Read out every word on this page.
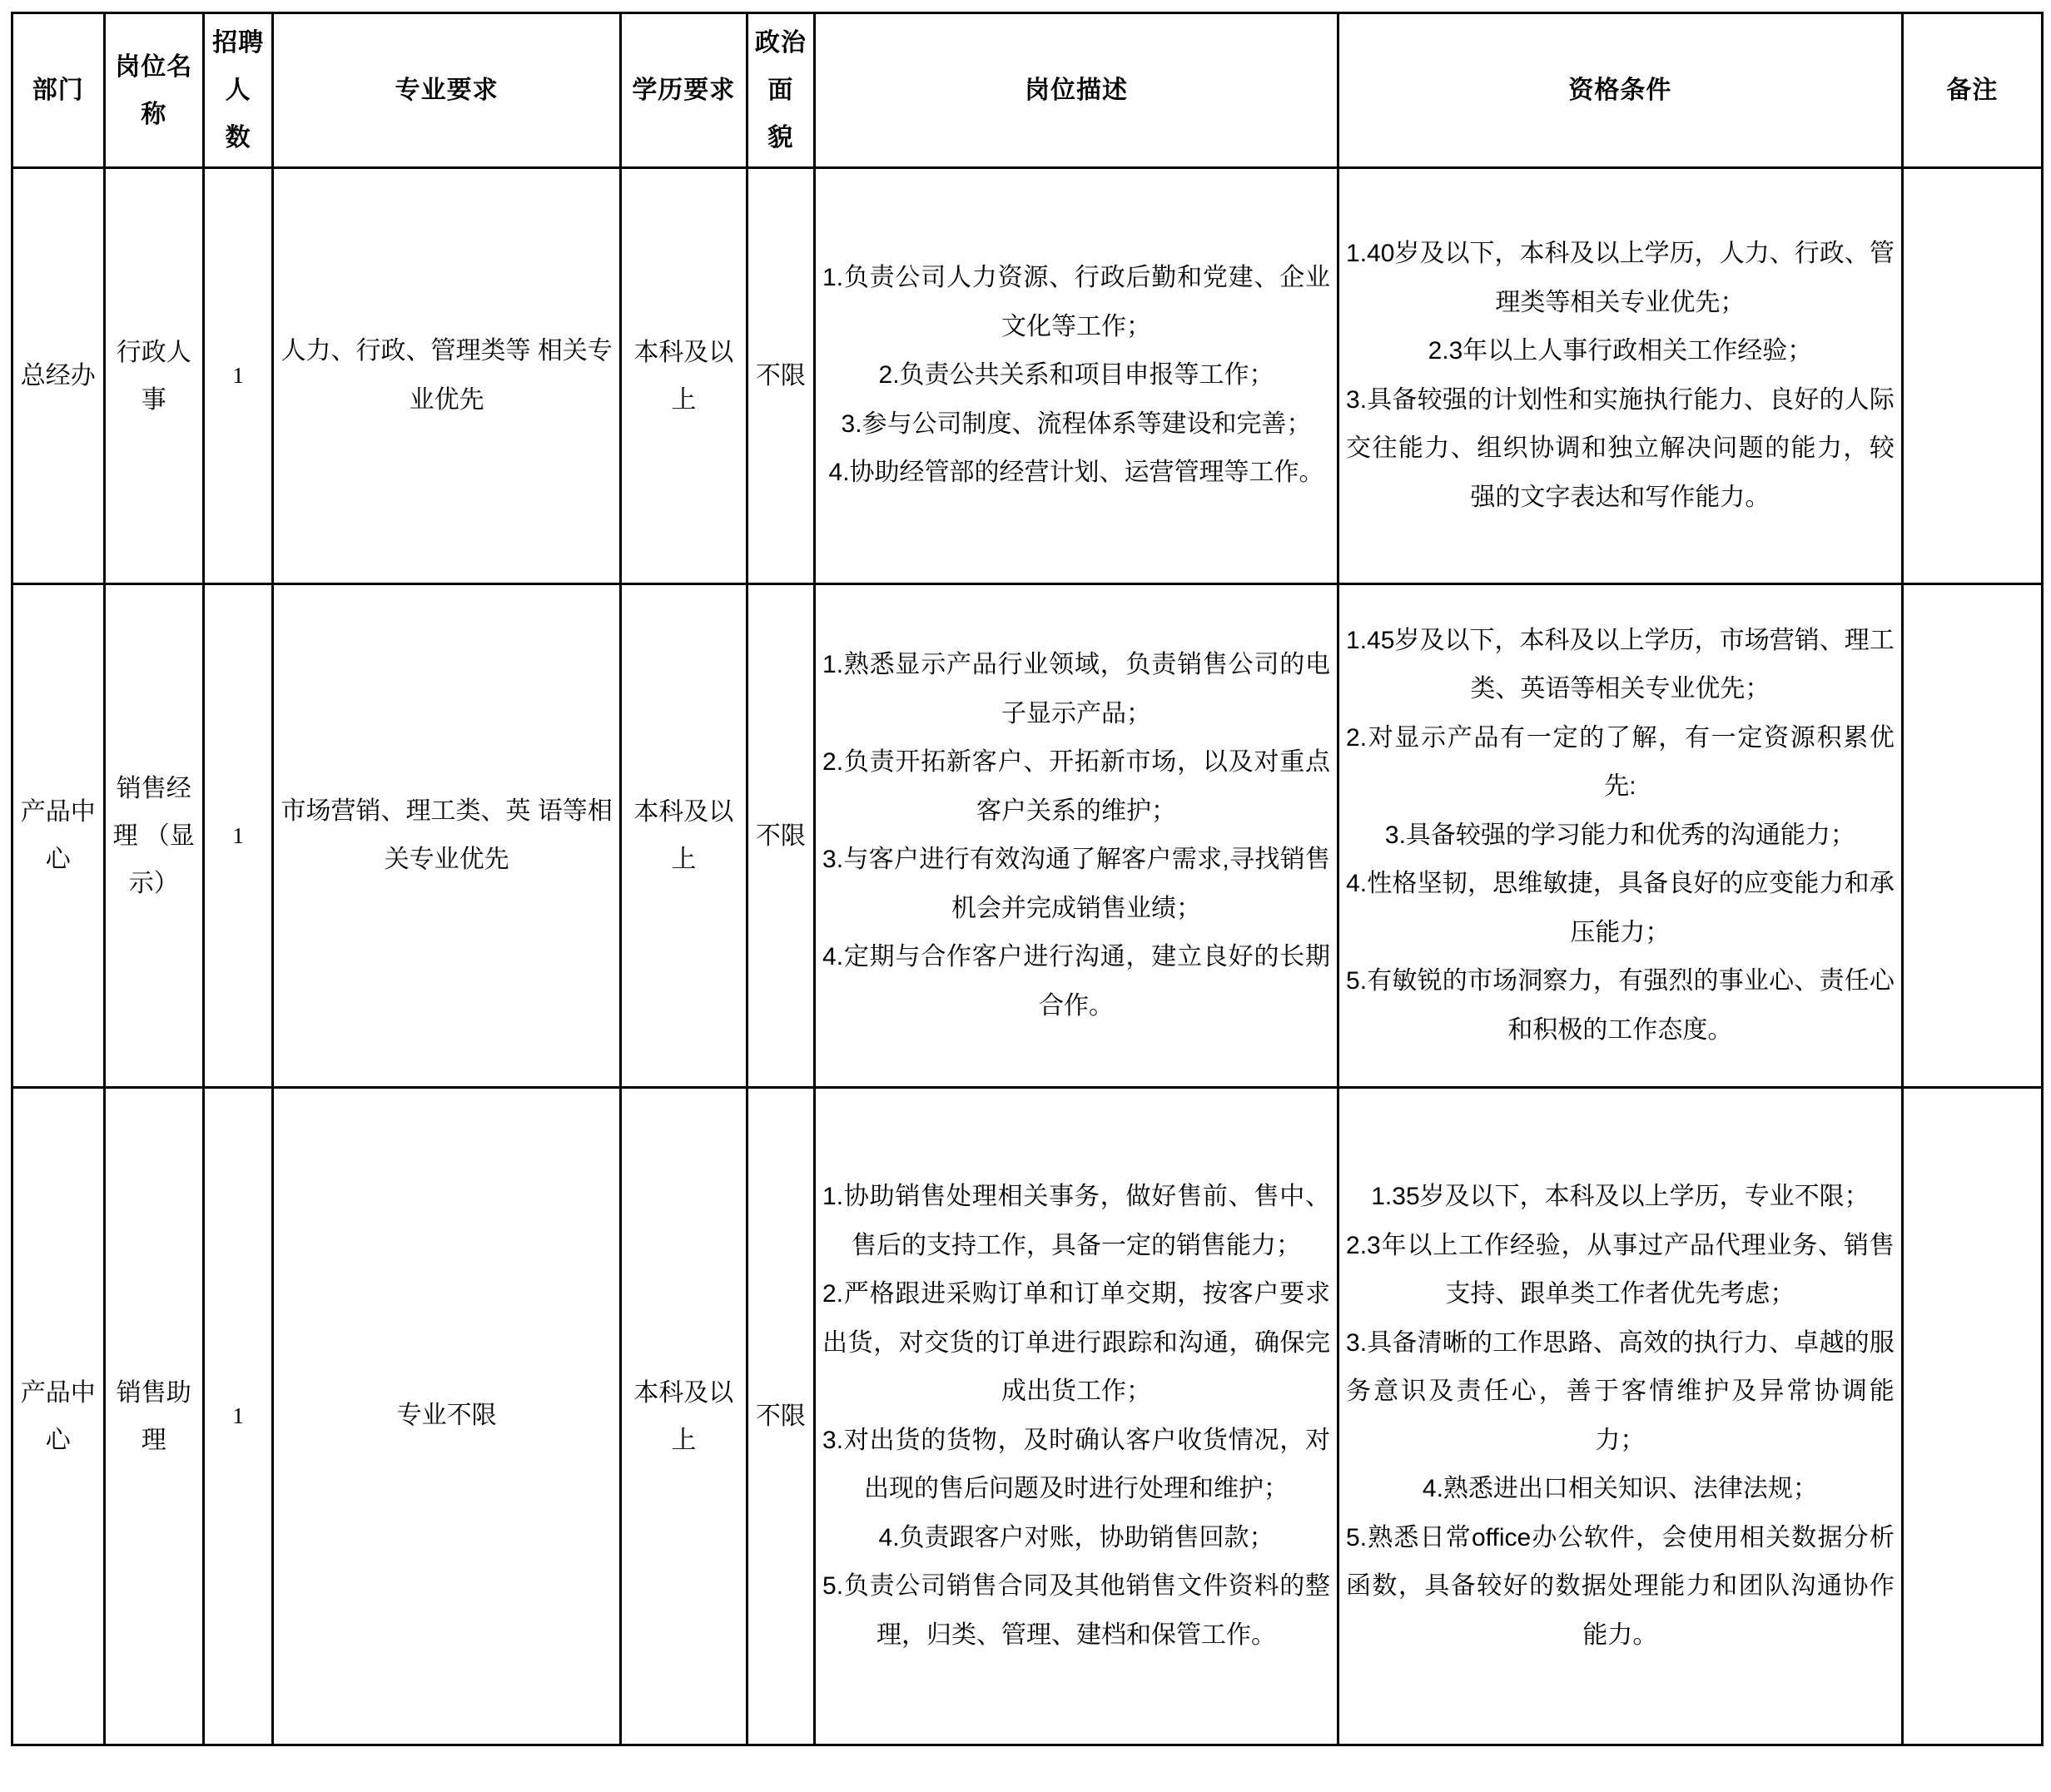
部门	岗位名称	招聘人 数	专业要求	学历要求	政治面 貌	岗位描述	资格条件	备注
总经办	行政人事	1	人力、行政、管理类等 相关专业优先	本科及以上	不限	1.负责公司人力资源、行政后勤和党建、企业文化等工作；
2.负责公共关系和项目申报等工作；
3.参与公司制度、流程体系等建设和完善；
4.协助经管部的经营计划、运营管理等工作。	1.40岁及以下，本科及以上学历，人力、行政、管理类等相关专业优先；
2.3年以上人事行政相关工作经验；
3.具备较强的计划性和实施执行能力、良好的人际交往能力、组织协调和独立解决问题的能力，较强的文字表达和写作能力。	

产品中心	销售经理 （显示）	1	市场营销、理工类、英 语等相关专业优先	本科及以上	不限	1.熟悉显示产品行业领域，负责销售公司的电子显示产品；
2.负责开拓新客户、开拓新市场，以及对重点客户关系的维护；
3.与客户进行有效沟通了解客户需求,寻找销售机会并完成销售业绩；
4.定期与合作客户进行沟通，建立良好的长期合作。	1.45岁及以下，本科及以上学历，市场营销、理工类、英语等相关专业优先；
2.对显示产品有一定的了解，有一定资源积累优先:
3.具备较强的学习能力和优秀的沟通能力；
4.性格坚韧，思维敏捷，具备良好的应变能力和承压能力；
5.有敏锐的市场洞察力，有强烈的事业心、责任心和积极的工作态度。	

产品中心	销售助理	1	专业不限	本科及以上	不限	1.协助销售处理相关事务，做好售前、售中、售后的支持工作，具备一定的销售能力；
2.严格跟进采购订单和订单交期，按客户要求出货，对交货的订单进行跟踪和沟通，确保完成出货工作；
3.对出货的货物，及时确认客户收货情况，对出现的售后问题及时进行处理和维护；
4.负责跟客户对账，协助销售回款；
5.负责公司销售合同及其他销售文件资料的整理，归类、管理、建档和保管工作。	1.35岁及以下，本科及以上学历，专业不限；
2.3年以上工作经验，从事过产品代理业务、销售支持、跟单类工作者优先考虑；
3.具备清晰的工作思路、高效的执行力、卓越的服务意识及责任心，善于客情维护及异常协调能力；
4.熟悉进出口相关知识、法律法规；
5.熟悉日常office办公软件，会使用相关数据分析函数，具备较好的数据处理能力和团队沟通协作能力。	
